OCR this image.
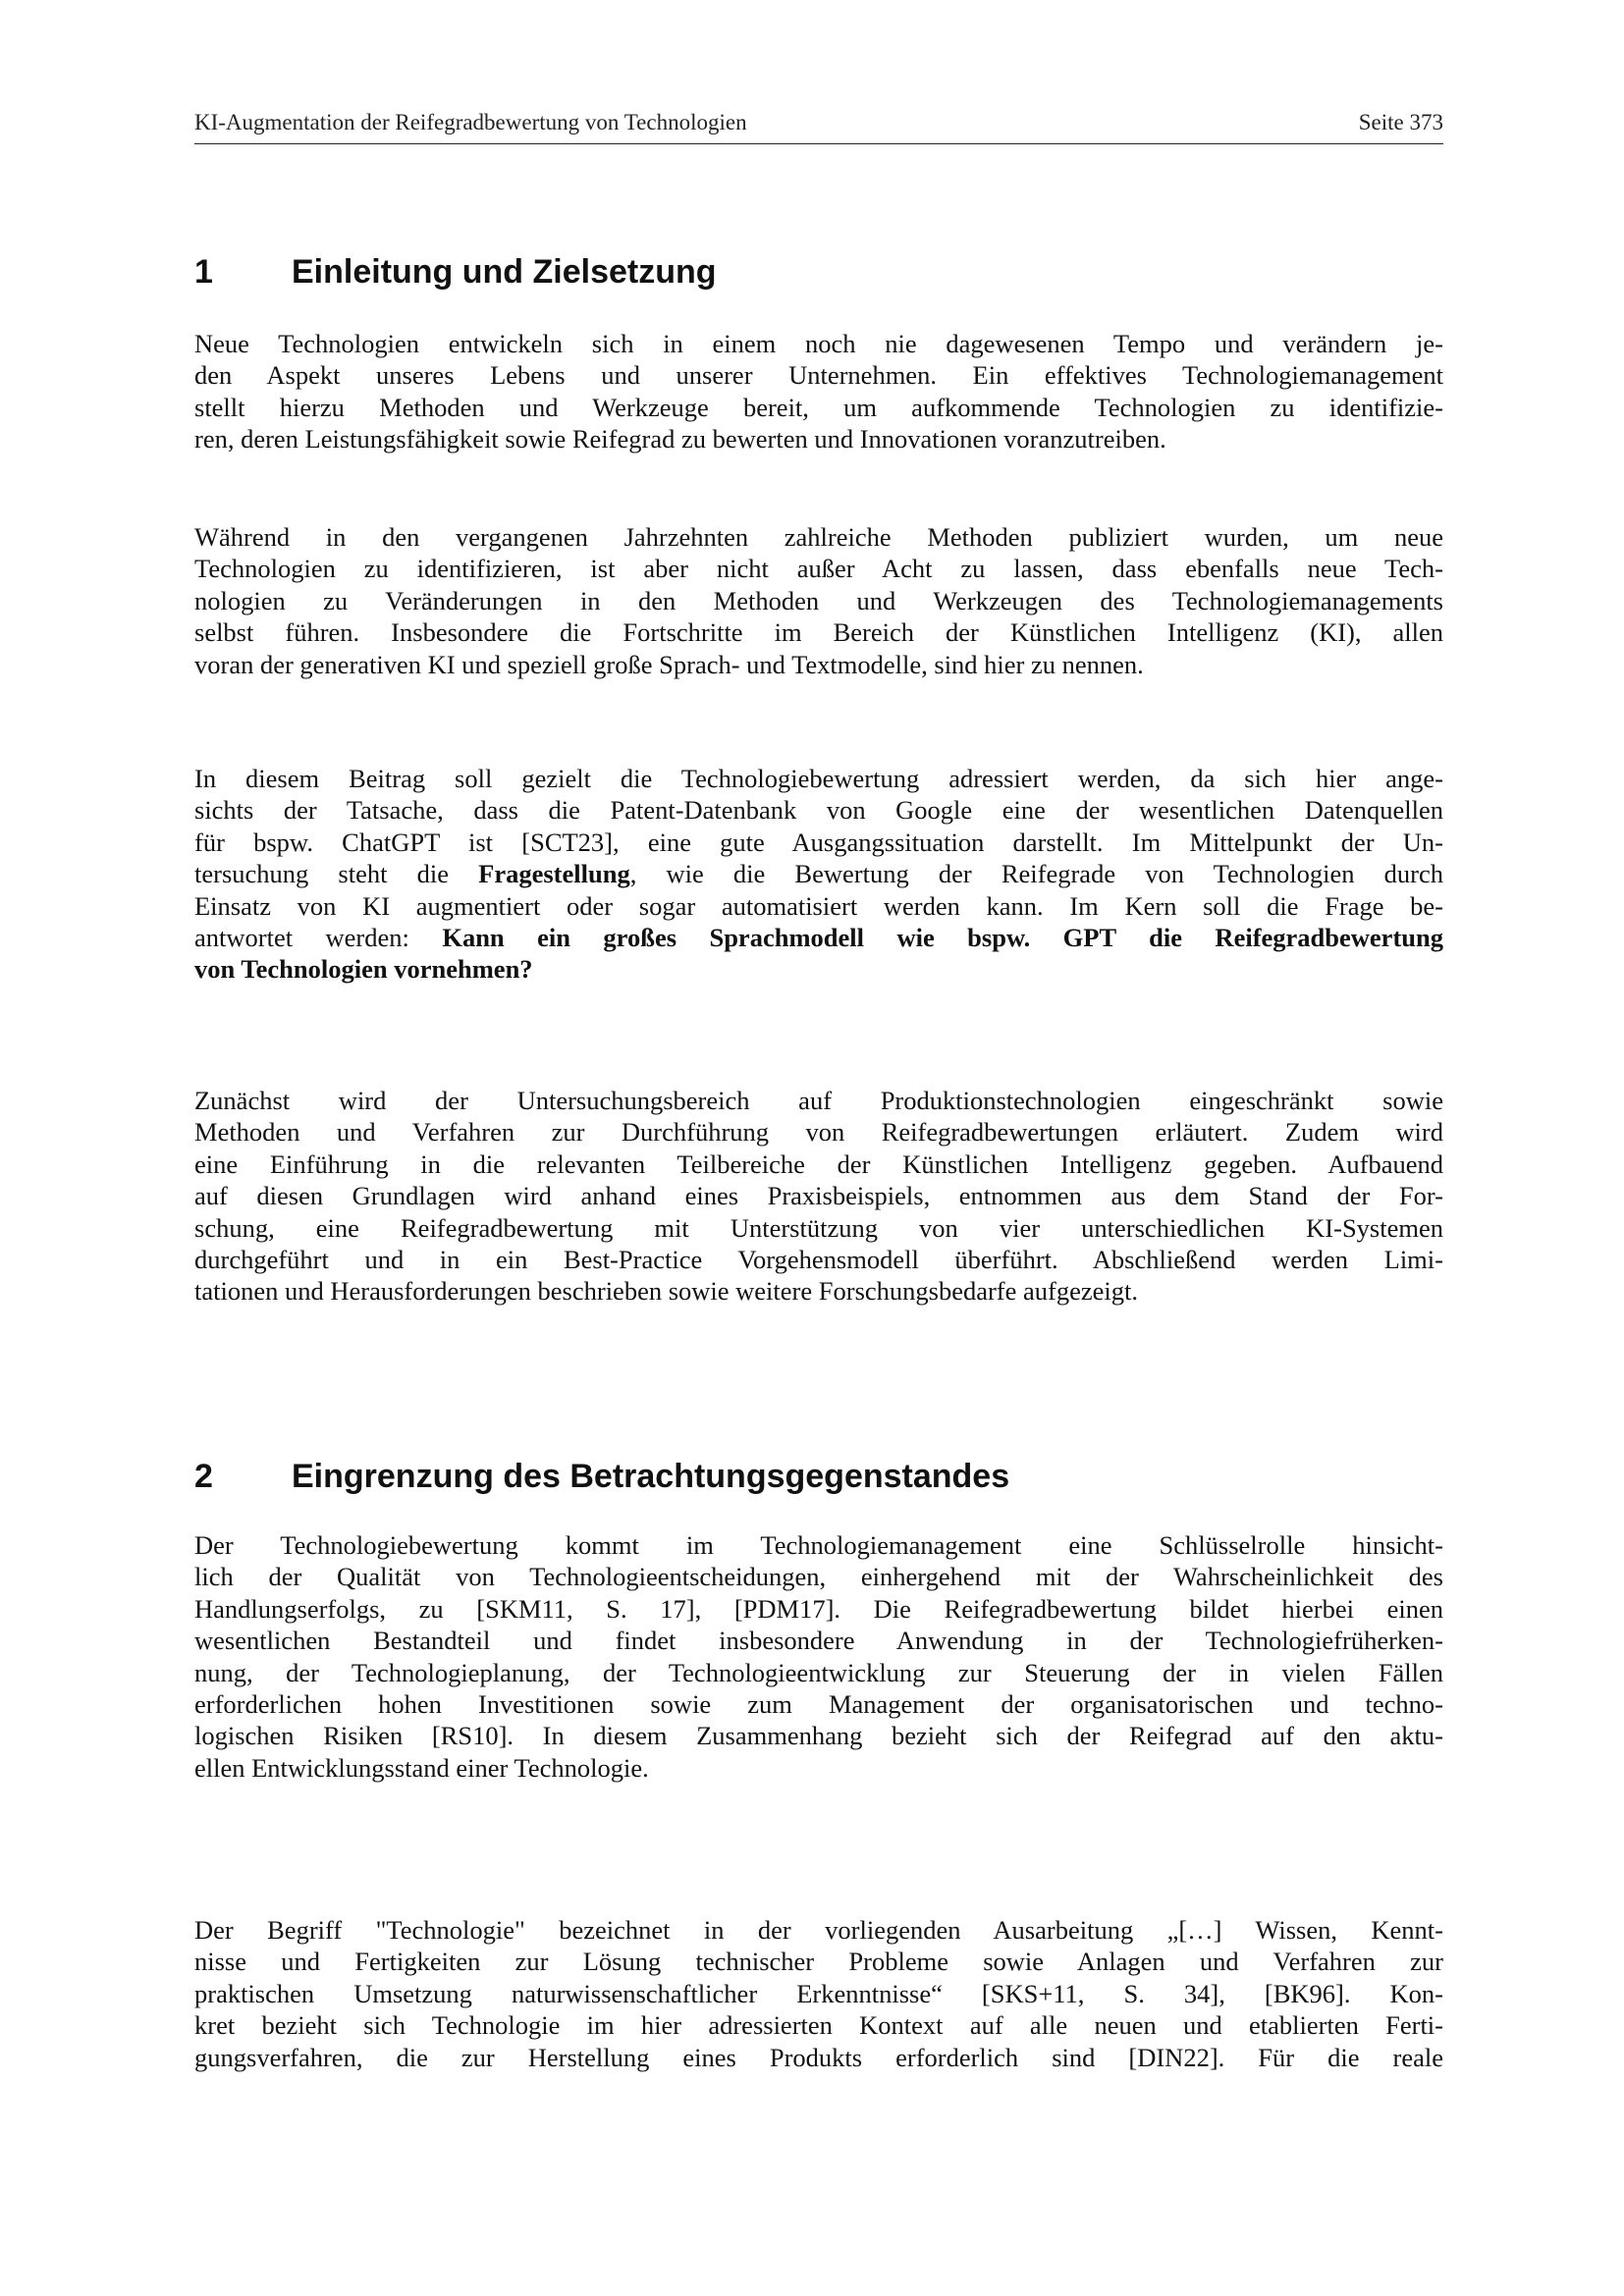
KI-Augmentation der Reifegradbewertung von Technologien	Seite 373
1 Einleitung und Zielsetzung
Neue Technologien entwickeln sich in einem noch nie dagewesenen Tempo und verändern je-
den Aspekt unseres Lebens und unserer Unternehmen. Ein effektives Technologiemanagement
stellt hierzu Methoden und Werkzeuge bereit, um aufkommende Technologien zu identifizie-
ren, deren Leistungsfähigkeit sowie Reifegrad zu bewerten und Innovationen voranzutreiben.
Während in den vergangenen Jahrzehnten zahlreiche Methoden publiziert wurden, um neue
Technologien zu identifizieren, ist aber nicht außer Acht zu lassen, dass ebenfalls neue Tech-
nologien zu Veränderungen in den Methoden und Werkzeugen des Technologiemanagements
selbst führen. Insbesondere die Fortschritte im Bereich der Künstlichen Intelligenz (KI), allen
voran der generativen KI und speziell große Sprach- und Textmodelle, sind hier zu nennen.
In diesem Beitrag soll gezielt die Technologiebewertung adressiert werden, da sich hier ange-
sichts der Tatsache, dass die Patent-Datenbank von Google eine der wesentlichen Datenquellen
für bspw. ChatGPT ist [SCT23], eine gute Ausgangssituation darstellt. Im Mittelpunkt der Un-
tersuchung steht die Fragestellung, wie die Bewertung der Reifegrade von Technologien durch
Einsatz von KI augmentiert oder sogar automatisiert werden kann. Im Kern soll die Frage be-
antwortet werden: Kann ein großes Sprachmodell wie bspw. GPT die Reifegradbewertung
von Technologien vornehmen?
Zunächst wird der Untersuchungsbereich auf Produktionstechnologien eingeschränkt sowie
Methoden und Verfahren zur Durchführung von Reifegradbewertungen erläutert. Zudem wird
eine Einführung in die relevanten Teilbereiche der Künstlichen Intelligenz gegeben. Aufbauend
auf diesen Grundlagen wird anhand eines Praxisbeispiels, entnommen aus dem Stand der For-
schung, eine Reifegradbewertung mit Unterstützung von vier unterschiedlichen KI-Systemen
durchgeführt und in ein Best-Practice Vorgehensmodell überführt. Abschließend werden Limi-
tationen und Herausforderungen beschrieben sowie weitere Forschungsbedarfe aufgezeigt.
2 Eingrenzung des Betrachtungsgegenstandes
Der Technologiebewertung kommt im Technologiemanagement eine Schlüsselrolle hinsicht-
lich der Qualität von Technologieentscheidungen, einhergehend mit der Wahrscheinlichkeit des
Handlungserfolgs, zu [SKM11, S. 17], [PDM17]. Die Reifegradbewertung bildet hierbei einen
wesentlichen Bestandteil und findet insbesondere Anwendung in der Technologiefrüherken-
nung, der Technologieplanung, der Technologieentwicklung zur Steuerung der in vielen Fällen
erforderlichen hohen Investitionen sowie zum Management der organisatorischen und techno-
logischen Risiken [RS10]. In diesem Zusammenhang bezieht sich der Reifegrad auf den aktu-
ellen Entwicklungsstand einer Technologie.
Der Begriff "Technologie" bezeichnet in der vorliegenden Ausarbeitung „[…] Wissen, Kennt-
nisse und Fertigkeiten zur Lösung technischer Probleme sowie Anlagen und Verfahren zur
praktischen Umsetzung naturwissenschaftlicher Erkenntnisse“ [SKS+11, S. 34], [BK96]. Kon-
kret bezieht sich Technologie im hier adressierten Kontext auf alle neuen und etablierten Ferti-
gungsverfahren, die zur Herstellung eines Produkts erforderlich sind [DIN22]. Für die reale
